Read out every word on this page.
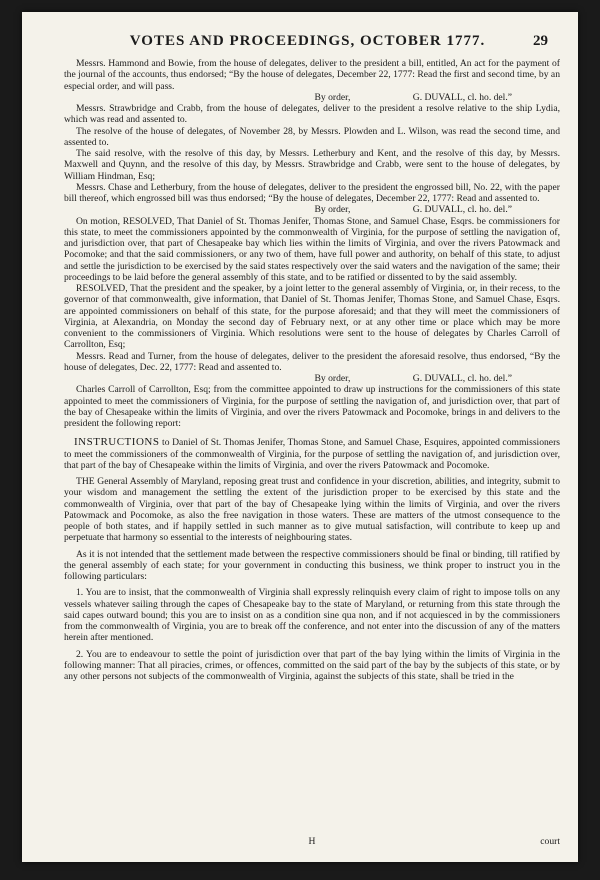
VOTES AND PROCEEDINGS, OCTOBER 1777.	29

Messrs. Hammond and Bowie, from the house of delegates, deliver to the president a bill, entitled, An act for the payment of the journal of the accounts, thus endorsed; “By the house of delegates, December 22, 1777: Read the first and second time, by an especial order, and will pass.

By order,	G. DUVALL, cl. ho. del.”

Messrs. Strawbridge and Crabb, from the house of delegates, deliver to the president a resolve relative to the ship Lydia, which was read and assented to.

The resolve of the house of delegates, of November 28, by Messrs. Plowden and L. Wilson, was read the second time, and assented to.

The said resolve, with the resolve of this day, by Messrs. Letherbury and Kent, and the resolve of this day, by Messrs. Maxwell and Quynn, and the resolve of this day, by Messrs. Strawbridge and Crabb, were sent to the house of delegates, by William Hindman, Esq;

Messrs. Chase and Letherbury, from the house of delegates, deliver to the president the engrossed bill, No. 22, with the paper bill thereof, which engrossed bill was thus endorsed; “By the house of delegates, December 22, 1777: Read and assented to.

By order,	G. DUVALL, cl. ho. del.”

On motion, RESOLVED, That Daniel of St. Thomas Jenifer, Thomas Stone, and Samuel Chase, Esqrs. be commissioners for this state, to meet the commissioners appointed by the commonwealth of Virginia, for the purpose of settling the navigation of, and jurisdiction over, that part of Chesapeake bay which lies within the limits of Virginia, and over the rivers Patowmack and Pocomoke; and that the said commissioners, or any two of them, have full power and authority, on behalf of this state, to adjust and settle the jurisdiction to be exercised by the said states respectively over the said waters and the navigation of the same; their proceedings to be laid before the general assembly of this state, and to be ratified or dissented to by the said assembly.

RESOLVED, That the president and the speaker, by a joint letter to the general assembly of Virginia, or, in their recess, to the governor of that commonwealth, give information, that Daniel of St. Thomas Jenifer, Thomas Stone, and Samuel Chase, Esqrs. are appointed commissioners on behalf of this state, for the purpose aforesaid; and that they will meet the commissioners of Virginia, at Alexandria, on Monday the second day of February next, or at any other time or place which may be more convenient to the commissioners of Virginia. Which resolutions were sent to the house of delegates by Charles Carroll of Carrollton, Esq;

Messrs. Read and Turner, from the house of delegates, deliver to the president the aforesaid resolve, thus endorsed, “By the house of delegates, Dec. 22, 1777: Read and assented to.

By order,	G. DUVALL, cl. ho. del.”

Charles Carroll of Carrollton, Esq; from the committee appointed to draw up instructions for the commissioners of this state appointed to meet the commissioners of Virginia, for the purpose of settling the navigation of, and jurisdiction over, that part of the bay of Chesapeake within the limits of Virginia, and over the rivers Patowmack and Pocomoke, brings in and delivers to the president the following report:

INSTRUCTIONS to Daniel of St. Thomas Jenifer, Thomas Stone, and Samuel Chase, Esquires, appointed commissioners to meet the commissioners of the commonwealth of Virginia, for the purpose of settling the navigation of, and jurisdiction over, that part of the bay of Chesapeake within the limits of Virginia, and over the rivers Patowmack and Pocomoke.

THE General Assembly of Maryland, reposing great trust and confidence in your discretion, abilities, and integrity, submit to your wisdom and management the settling the extent of the jurisdiction proper to be exercised by this state and the commonwealth of Virginia, over that part of the bay of Chesapeake lying within the limits of Virginia, and over the rivers Patowmack and Pocomoke, as also the free navigation in those waters. These are matters of the utmost consequence to the people of both states, and if happily settled in such manner as to give mutual satisfaction, will contribute to keep up and perpetuate that harmony so essential to the interests of neighbouring states.

As it is not intended that the settlement made between the respective commissioners should be final or binding, till ratified by the general assembly of each state; for your government in conducting this business, we think proper to instruct you in the following particulars:

1. You are to insist, that the commonwealth of Virginia shall expressly relinquish every claim of right to impose tolls on any vessels whatever sailing through the capes of Chesapeake bay to the state of Maryland, or returning from this state through the said capes outward bound; this you are to insist on as a condition sine qua non, and if not acquiesced in by the commissioners from the commonwealth of Virginia, you are to break off the conference, and not enter into the discussion of any of the matters herein after mentioned.

2. You are to endeavour to settle the point of jurisdiction over that part of the bay lying within the limits of Virginia in the following manner: That all piracies, crimes, or offences, committed on the said part of the bay by the subjects of this state, or by any other persons not subjects of the commonwealth of Virginia, against the subjects of this state, shall be tried in the

H	court
